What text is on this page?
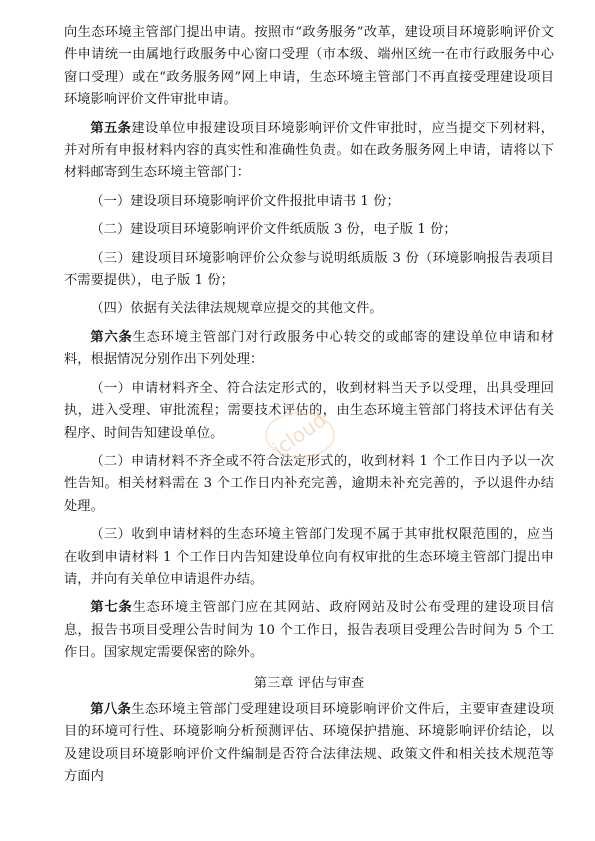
向生态环境主管部门提出申请。按照市“政务服务”改革，建设项目环境影响评价文件申请统一由属地行政服务中心窗口受理（市本级、端州区统一在市行政服务中心窗口受理）或在“政务服务网”网上申请，生态环境主管部门不再直接受理建设项目环境影响评价文件审批申请。

第五条建设单位申报建设项目环境影响评价文件审批时，应当提交下列材料，并对所有申报材料内容的真实性和准确性负责。如在政务服务网上申请，请将以下材料邮寄到生态环境主管部门：

（一）建设项目环境影响评价文件报批申请书 1 份；

（二）建设项目环境影响评价文件纸质版 3 份，电子版 1 份；

（三）建设项目环境影响评价公众参与说明纸质版 3 份（环境影响报告表项目不需要提供），电子版 1 份；

（四）依据有关法律法规规章应提交的其他文件。

第六条生态环境主管部门对行政服务中心转交的或邮寄的建设单位申请和材料，根据情况分别作出下列处理：

（一）申请材料齐全、符合法定形式的，收到材料当天予以受理，出具受理回执，进入受理、审批流程；需要技术评估的，由生态环境主管部门将技术评估有关程序、时间告知建设单位。

（二）申请材料不齐全或不符合法定形式的，收到材料 1 个工作日内予以一次性告知。相关材料需在 3 个工作日内补充完善，逾期未补充完善的，予以退件办结处理。

（三）收到申请材料的生态环境主管部门发现不属于其审批权限范围的，应当在收到申请材料 1 个工作日内告知建设单位向有权审批的生态环境主管部门提出申请，并向有关单位申请退件办结。

第七条生态环境主管部门应在其网站、政府网站及时公布受理的建设项目信息，报告书项目受理公告时间为 10 个工作日，报告表项目受理公告时间为 5 个工作日。国家规定需要保密的除外。

第三章 评估与审查

第八条生态环境主管部门受理建设项目环境影响评价文件后，主要审查建设项目的环境可行性、环境影响分析预测评估、环境保护措施、环境影响评价结论，以及建设项目环境影响评价文件编制是否符合法律法规、政策文件和相关技术规范等方面内

icloud
